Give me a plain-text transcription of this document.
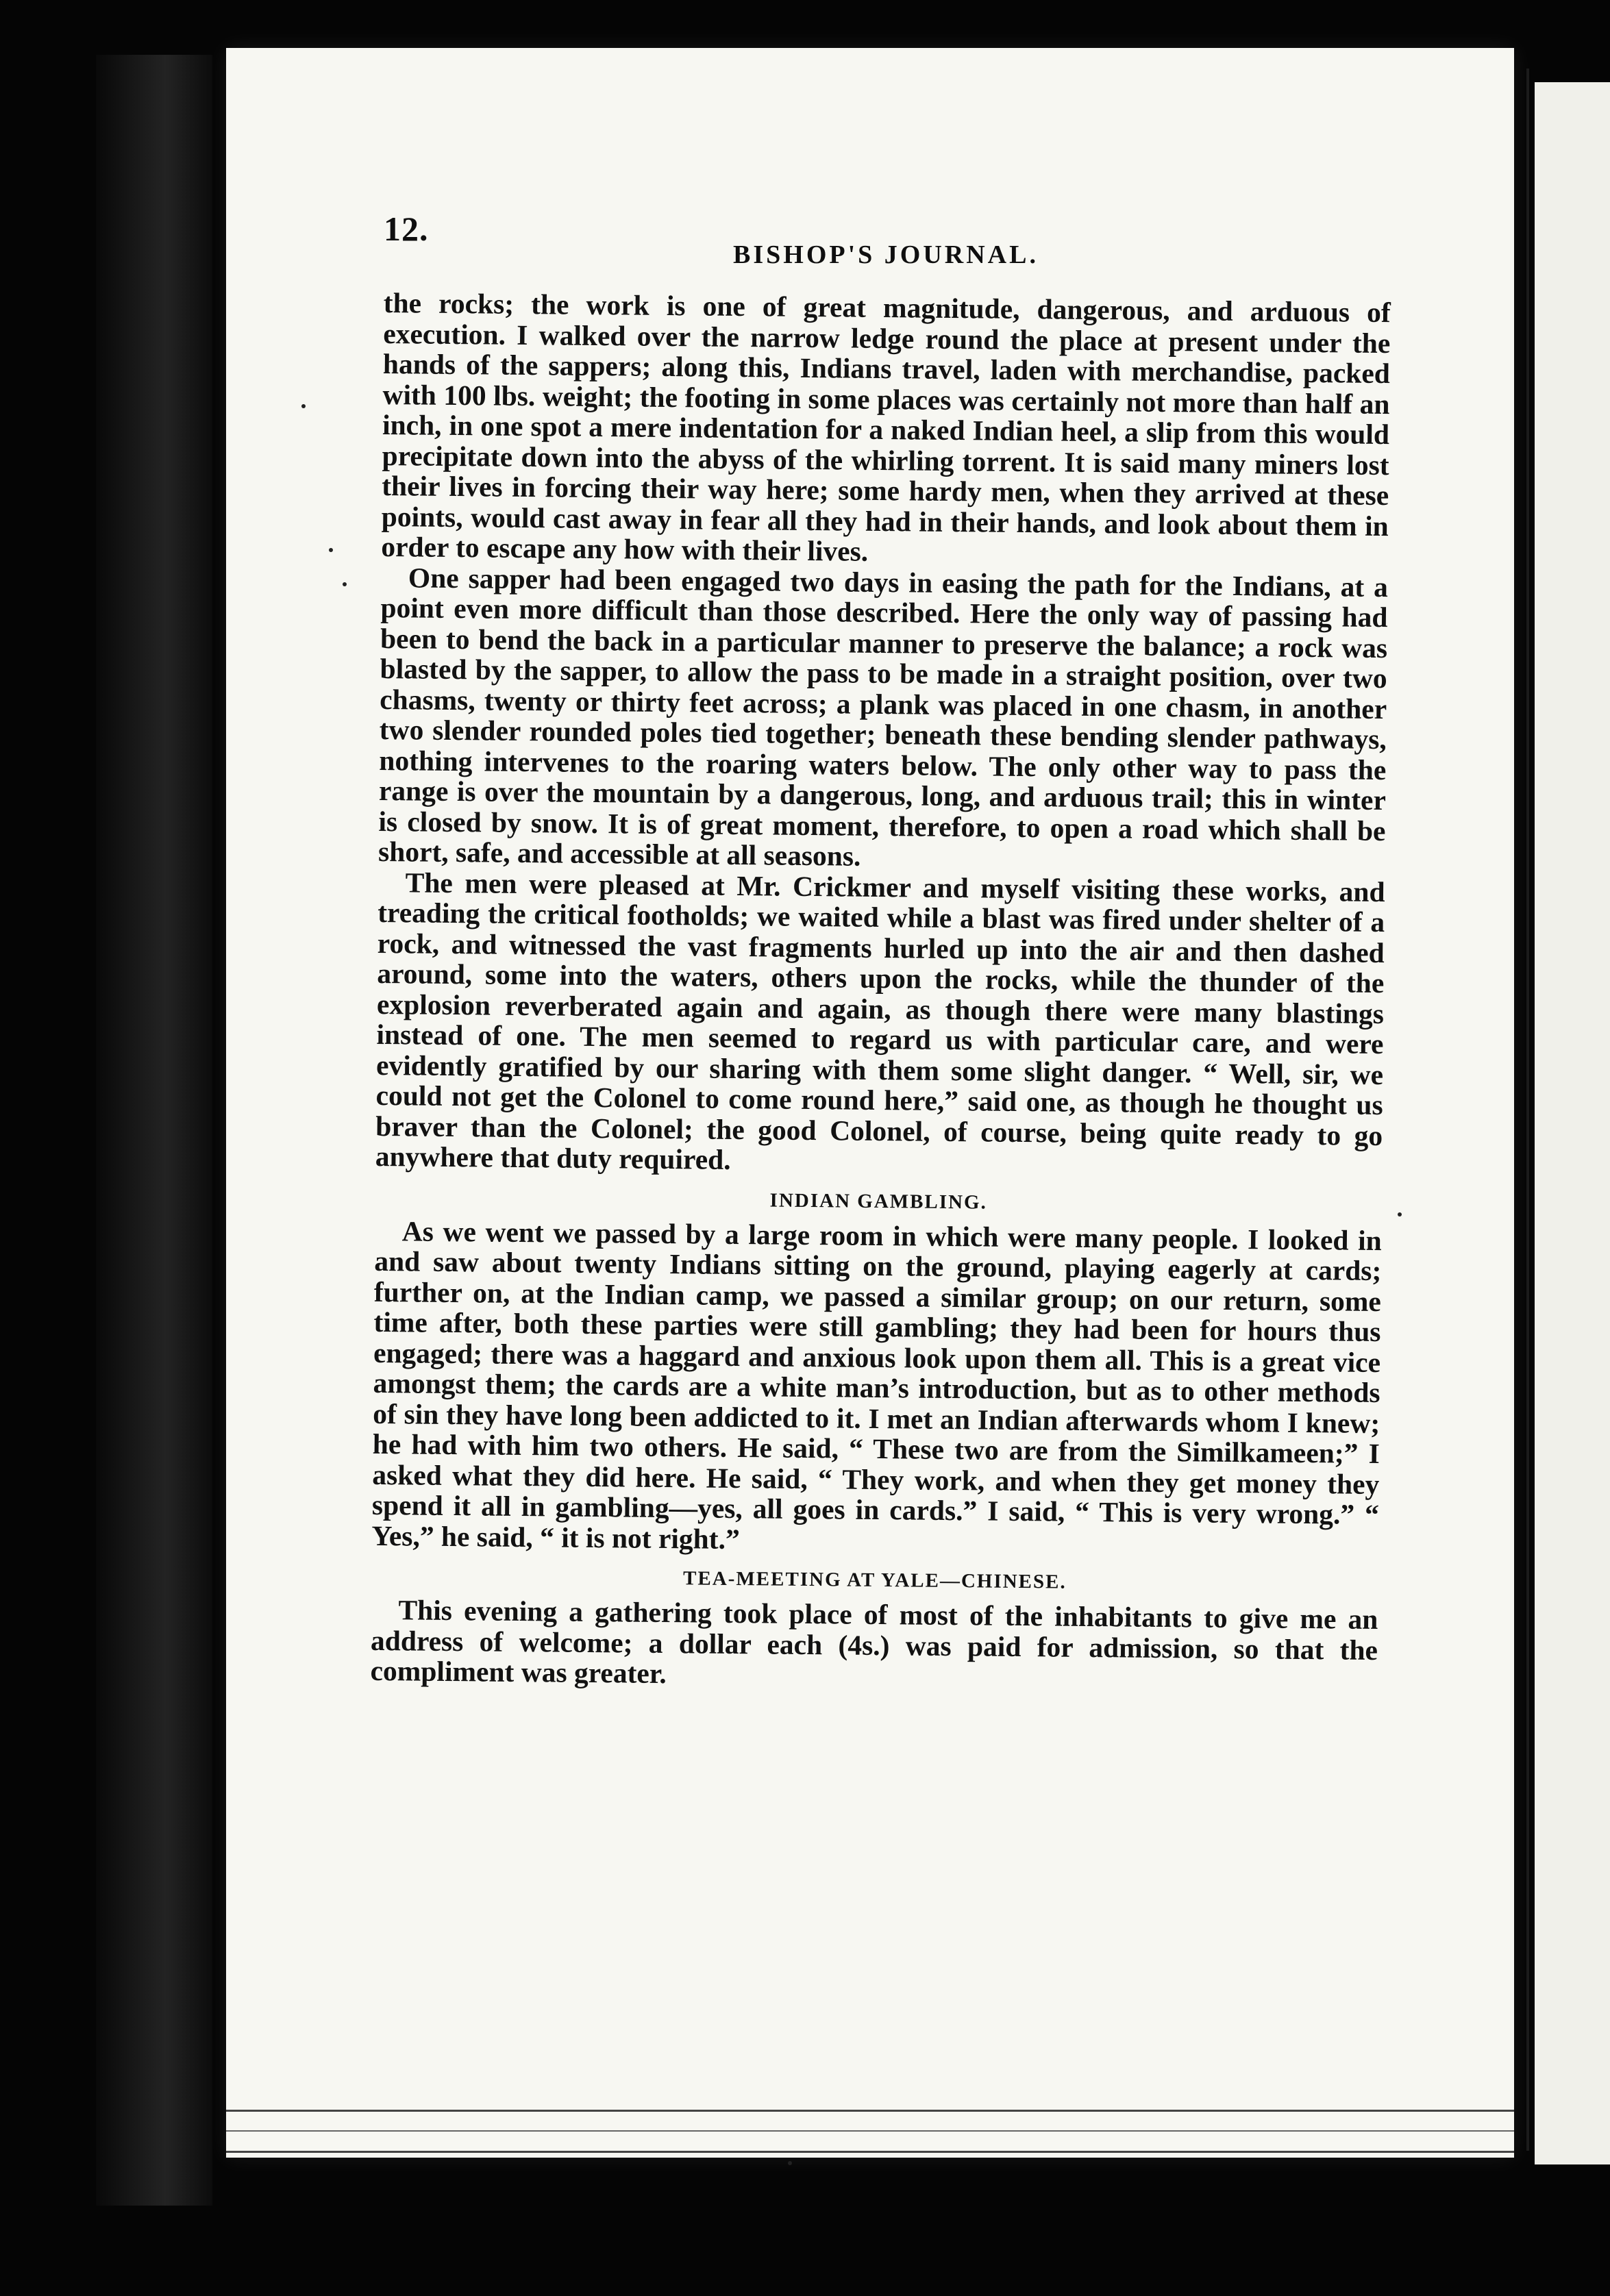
12.
BISHOP'S JOURNAL.

the rocks; the work is one of great magnitude, dangerous, and arduous of execution. I walked over the narrow ledge round the place at present under the hands of the sappers; along this, Indians travel, laden with merchandise, packed with 100 lbs. weight; the footing in some places was certainly not more than half an inch, in one spot a mere indentation for a naked Indian heel, a slip from this would precipitate down into the abyss of the whirling torrent. It is said many miners lost their lives in forcing their way here; some hardy men, when they arrived at these points, would cast away in fear all they had in their hands, and look about them in order to escape any how with their lives.

One sapper had been engaged two days in easing the path for the Indians, at a point even more difficult than those described. Here the only way of passing had been to bend the back in a particular manner to preserve the balance; a rock was blasted by the sapper, to allow the pass to be made in a straight position, over two chasms, twenty or thirty feet across; a plank was placed in one chasm, in another two slender rounded poles tied together; beneath these bending slender pathways, nothing intervenes to the roaring waters below. The only other way to pass the range is over the mountain by a dangerous, long, and arduous trail; this in winter is closed by snow. It is of great moment, therefore, to open a road which shall be short, safe, and accessible at all seasons.

The men were pleased at Mr. Crickmer and myself visiting these works, and treading the critical footholds; we waited while a blast was fired under shelter of a rock, and witnessed the vast fragments hurled up into the air and then dashed around, some into the waters, others upon the rocks, while the thunder of the explosion reverberated again and again, as though there were many blastings instead of one. The men seemed to regard us with particular care, and were evidently gratified by our sharing with them some slight danger. “ Well, sir, we could not get the Colonel to come round here,” said one, as though he thought us braver than the Colonel; the good Colonel, of course, being quite ready to go anywhere that duty required.

INDIAN GAMBLING.

As we went we passed by a large room in which were many people. I looked in and saw about twenty Indians sitting on the ground, playing eagerly at cards; further on, at the Indian camp, we passed a similar group; on our return, some time after, both these parties were still gambling; they had been for hours thus engaged; there was a haggard and anxious look upon them all. This is a great vice amongst them; the cards are a white man’s introduction, but as to other methods of sin they have long been addicted to it. I met an Indian afterwards whom I knew; he had with him two others. He said, “ These two are from the Similkameen;” I asked what they did here. He said, “ They work, and when they get money they spend it all in gambling—yes, all goes in cards.” I said, “ This is very wrong.” “ Yes,” he said, “ it is not right.”

TEA-MEETING AT YALE—CHINESE.

This evening a gathering took place of most of the inhabitants to give me an address of welcome; a dollar each (4s.) was paid for admission, so that the compliment was greater.
